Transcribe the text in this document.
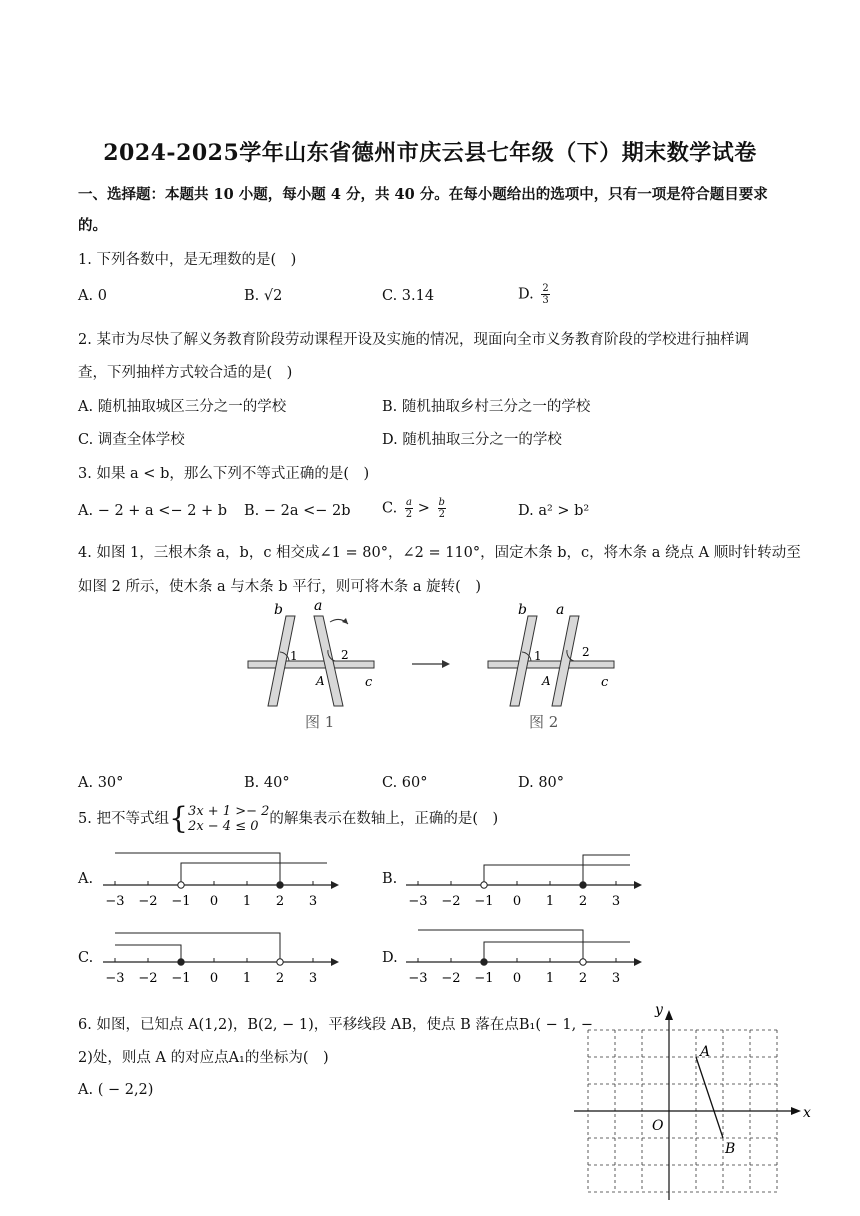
2024-2025学年山东省德州市庆云县七年级（下）期末数学试卷
一、选择题：本题共 10 小题，每小题 4 分，共 40 分。在每小题给出的选项中，只有一项是符合题目要求
的。
1. 下列各数中，是无理数的是(　)
A. 0	B. √2	C. 3.14	D. $\frac{2}{3}$
2. 某市为尽快了解义务教育阶段劳动课程开设及实施的情况，现面向全市义务教育阶段的学校进行抽样调
查，下列抽样方式较合适的是(　)
A. 随机抽取城区三分之一的学校	B. 随机抽取乡村三分之一的学校
C. 调查全体学校	D. 随机抽取三分之一的学校
3. 如果 a < b，那么下列不等式正确的是(　)
A. − 2 + a <− 2 + b B. − 2a <− 2b C. $\frac{a}{2} > \frac{b}{2}$	D. a² > b²
4. 如图 1，三根木条 a，b，c 相交成∠1 = 80°，∠2 = 110°，固定木条 b，c，将木条 a 绕点 A 顺时针转动至
如图 2 所示，使木条 a 与木条 b 平行，则可将木条 a 旋转(　)
b a
1	2
A	c
图 1
b a
1	2
A	c
图 2
A. 30°	B. 40°	C. 60°	D. 80°
5. 把不等式组{ 3x + 1 >− 2
2x − 4 ≤ 0 的解集表示在数轴上，正确的是(　)
A.	B.
C.	D.
−3 −2 −1 0 1 2 3	−3 −2 −1 0 1 2 3
−3 −2 −1 0 1 2 3	−3 −2 −1 0 1 2 3
6. 如图，已知点 A(1,2)，B(2, − 1)，平移线段 AB，使点 B 落在点B₁( − 1, −
2)处，则点 A 的对应点A₁的坐标为(　)
A. ( − 2,2)
x
y
O
A
B
